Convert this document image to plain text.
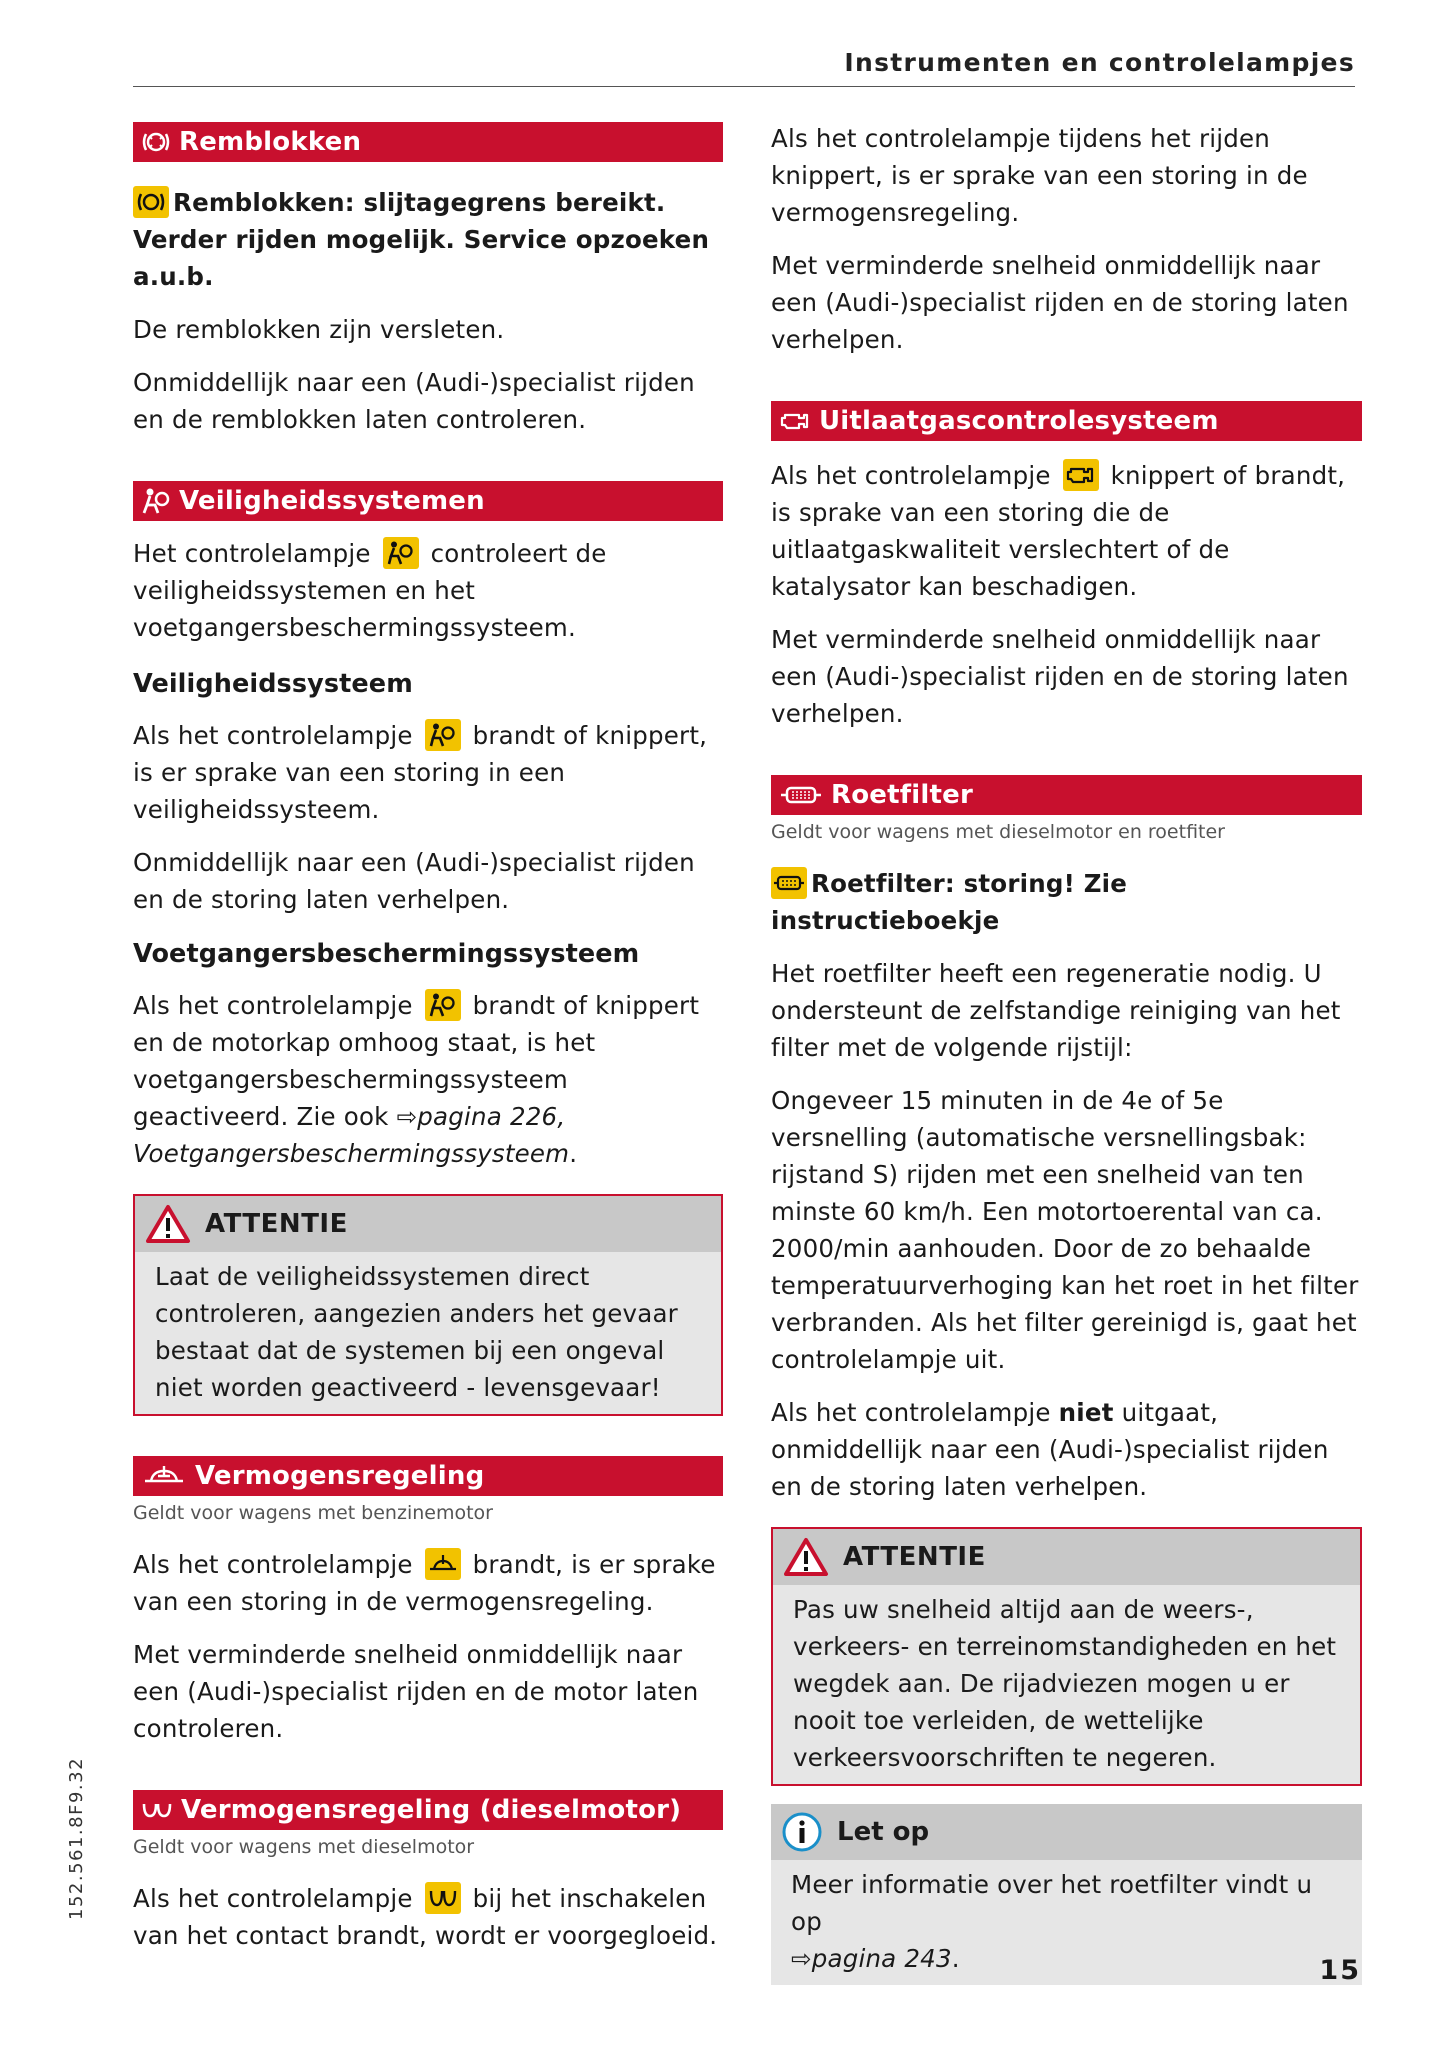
Instrumenten en controlelampjes
Remblokken

Remblokken: slijtagegrens bereikt. Verder rijden mogelijk. Service opzoeken a.u.b.

De remblokken zijn versleten.

Onmiddellijk naar een (Audi-)specialist rijden en de remblokken laten controleren.

Veiligheidssystemen

Het controlelampje controleert de veiligheidssystemen en het voetgangersbeschermingssysteem.

Veiligheidssysteem

Als het controlelampje brandt of knippert, is er sprake van een storing in een veiligheidssysteem.

Onmiddellijk naar een (Audi-)specialist rijden en de storing laten verhelpen.

Voetgangersbeschermingssysteem

Als het controlelampje brandt of knippert en de motorkap omhoog staat, is het voetgangersbeschermingssysteem geactiveerd. Zie ook ⇨pagina 226, Voetgangersbeschermingssysteem.

ATTENTIE

Laat de veiligheidssystemen direct controleren, aangezien anders het gevaar bestaat dat de systemen bij een ongeval niet worden geactiveerd - levensgevaar!

Vermogensregeling
Geldt voor wagens met benzinemotor

Als het controlelampje brandt, is er sprake van een storing in de vermogensregeling.

Met verminderde snelheid onmiddellijk naar een (Audi-)specialist rijden en de motor laten controleren.

Vermogensregeling (dieselmotor)
Geldt voor wagens met dieselmotor

Als het controlelampje bij het inschakelen van het contact brandt, wordt er voorgegloeid.

Als het controlelampje tijdens het rijden knippert, is er sprake van een storing in de vermogensregeling.

Met verminderde snelheid onmiddellijk naar een (Audi-)specialist rijden en de storing laten verhelpen.

Uitlaatgascontrolesysteem

Als het controlelampje knippert of brandt, is sprake van een storing die de uitlaatgaskwaliteit verslechtert of de katalysator kan beschadigen.

Met verminderde snelheid onmiddellijk naar een (Audi-)specialist rijden en de storing laten verhelpen.

Roetfilter
Geldt voor wagens met dieselmotor en roetfiter

Roetfilter: storing! Zie instructieboekje

Het roetfilter heeft een regeneratie nodig. U ondersteunt de zelfstandige reiniging van het filter met de volgende rijstijl:

Ongeveer 15 minuten in de 4e of 5e versnelling (automatische versnellingsbak: rijstand S) rijden met een snelheid van ten minste 60 km/h. Een motortoerental van ca. 2000/min aanhouden. Door de zo behaalde temperatuurverhoging kan het roet in het filter verbranden. Als het filter gereinigd is, gaat het controlelampje uit.

Als het controlelampje niet uitgaat, onmiddellijk naar een (Audi-)specialist rijden en de storing laten verhelpen.

ATTENTIE

Pas uw snelheid altijd aan de weers-, verkeers- en terreinomstandigheden en het wegdek aan. De rijadviezen mogen u er nooit toe verleiden, de wettelijke verkeersvoorschriften te negeren.

Let op

Meer informatie over het roetfilter vindt u op
⇨pagina 243.

152.561.8F9.32
15
